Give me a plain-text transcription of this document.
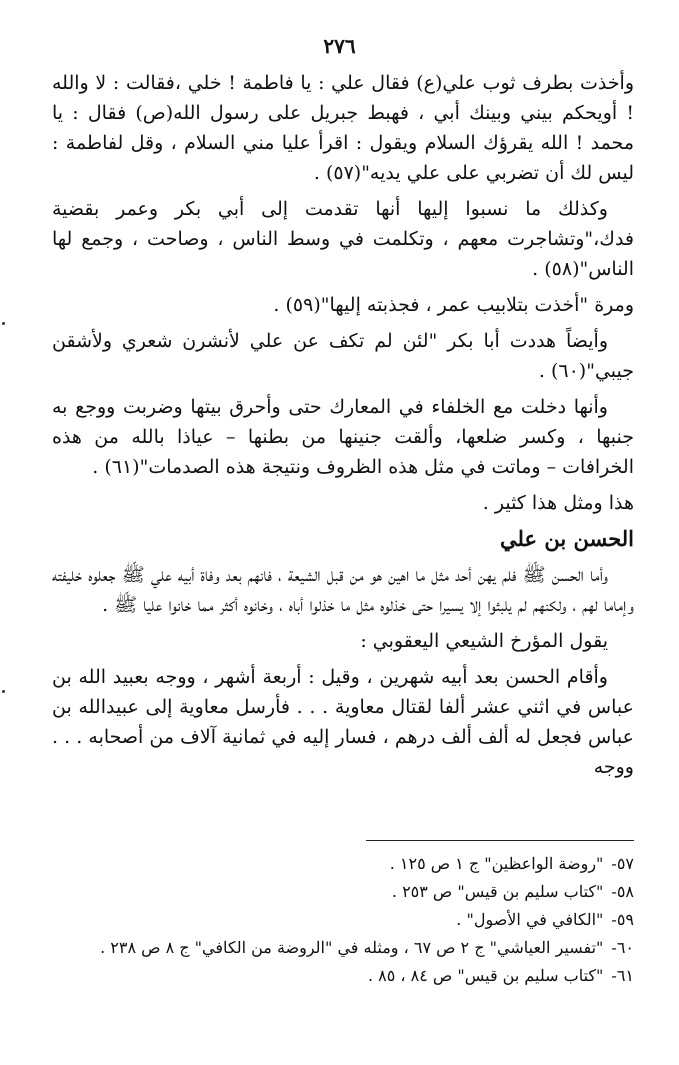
٢٧٦

وأخذت بطرف ثوب علي(ع) فقال علي : يا فاطمة ! خلي ،فقالت : لا والله ! أويحكم بيني وبينك أبي ، فهبط جبريل على رسول الله(ص) فقال : يا محمد ! الله يقرؤك السلام ويقول : اقرأ عليا مني السلام ، وقل لفاطمة : ليس لك أن تضربي على علي يديه"(٥٧) .

وكذلك ما نسبوا إليها أنها تقدمت إلى أبي بكر وعمر بقضية فدك،"وتشاجرت معهم ، وتكلمت في وسط الناس ، وصاحت ، وجمع لها الناس"(٥٨) .

ومرة "أخذت بتلابيب عمر ، فجذبته إليها"(٥٩) .

وأيضاً هددت أبا بكر "لئن لم تكف عن علي لأنشرن شعري ولأشقن جيبي"(٦٠) .

وأنها دخلت مع الخلفاء في المعارك حتى وأحرق بيتها وضربت ووجع به جنبها ، وكسر ضلعها، وألقت جنينها من بطنها – عياذا بالله من هذه الخرافات – وماتت في مثل هذه الظروف ونتيجة هذه الصدمات"(٦١) .

هذا ومثل هذا كثير .

الحسن بن علي

وأما الحسن ﷺ فلم يهن أحد مثل ما اهين هو من قبل الشيعة ، فانهم بعد وفاة أبيه علي ﷺ جعلوه خليفته وإماما لهم ، ولكنهم لم يلبثوا إلا يسيرا حتى خذلوه مثل ما خذلوا أباه ، وخانوه أكثر مما خانوا عليا ﷺ .

يقول المؤرخ الشيعي اليعقوبي :

وأقام الحسن بعد أبيه شهرين ، وقيل : أربعة أشهر ، ووجه بعبيد الله بن عباس في اثني عشر ألفا لقتال معاوية . . . فأرسل معاوية إلى عبيدالله بن عباس فجعل له ألف ألف درهم ، فسار إليه في ثمانية آلاف من أصحابه . . . ووجه

٥٧-"روضة الواعظين" ج ١ ص ١٢٥ .
٥٨-"كتاب سليم بن قيس" ص ٢٥٣ .
٥٩-"الكافي في الأصول" .
٦٠-"تفسير العياشي" ج ٢ ص ٦٧ ، ومثله في "الروضة من الكافي" ج ٨ ص ٢٣٨ .
٦١-"كتاب سليم بن قيس" ص ٨٤ ، ٨٥ .
